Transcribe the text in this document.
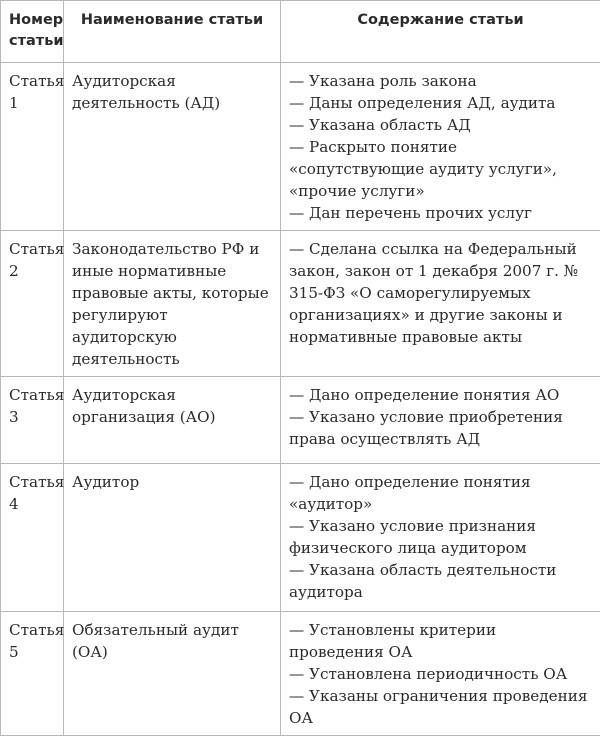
Номер статьи	Наименование статьи	Содержание статьи
Статья 1	Аудиторская деятельность (АД)	— Указана роль закона
— Даны определения АД, аудита
— Указана область АД
— Раскрыто понятие «сопутствующие аудиту услуги», «прочие услуги»
— Дан перечень прочих услуг

Статья 2	Законодательство РФ и иные нормативные правовые акты, которые регулируют аудиторскую деятельность	— Сделана ссылка на Федеральный закон, закон от 1 декабря 2007 г. № 315-ФЗ «О саморегулируемых организациях» и другие законы и нормативные правовые акты

Статья 3	Аудиторская организация (АО)	— Дано определение понятия АО
— Указано условие приобретения права осуществлять АД

Статья 4	Аудитор	— Дано определение понятия «аудитор»
— Указано условие признания физического лица аудитором
— Указана область деятельности аудитора

Статья 5	Обязательный аудит (ОА)	— Установлены критерии проведения ОА
— Установлена периодичность ОА
— Указаны ограничения проведения ОА
